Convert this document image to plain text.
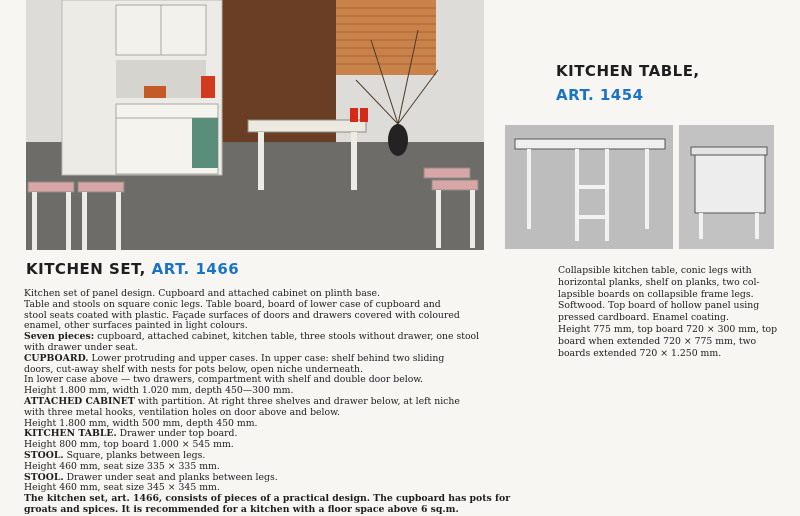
KITCHEN TABLE,
ART. 1454
KITCHEN SET, ART. 1466	Collapsible kitchen table, conic legs with
horizontal planks, shelf on planks, two col-
lapsible boards on collapsible frame legs.
Softwood. Top board of hollow panel using
pressed cardboard. Enamel coating.
Height 775 mm, top board 720 × 300 mm, top
board when extended 720 × 775 mm, two
boards extended 720 × 1.250 mm.
Kitchen set of panel design. Cupboard and attached cabinet on plinth base.
Table and stools on square conic legs. Table board, board of lower case of cupboard and
stool seats coated with plastic. Façade surfaces of doors and drawers covered with coloured
enamel, other surfaces painted in light colours.
Seven pieces: cupboard, attached cabinet, kitchen table, three stools without drawer, one stool
with drawer under seat.
CUPBOARD. Lower protruding and upper cases. In upper case: shelf behind two sliding
doors, cut-away shelf with nests for pots below, open niche underneath.
In lower case above — two drawers, compartment with shelf and double door below.
Height 1.800 mm, width 1.020 mm, depth 450—300 mm.
ATTACHED CABINET with partition. At right three shelves and drawer below, at left niche
with three metal hooks, ventilation holes on door above and below.
Height 1.800 mm, width 500 mm, depth 450 mm.
KITCHEN TABLE. Drawer under top board.
Height 800 mm, top board 1.000 × 545 mm.
STOOL. Square, planks between legs.
Height 460 mm, seat size 335 × 335 mm.
STOOL. Drawer under seat and planks between legs.
Height 460 mm, seat size 345 × 345 mm.
The kitchen set, art. 1466, consists of pieces of a practical design. The cupboard has pots for
groats and spices. It is recommended for a kitchen with a floor space above 6 sq.m.
